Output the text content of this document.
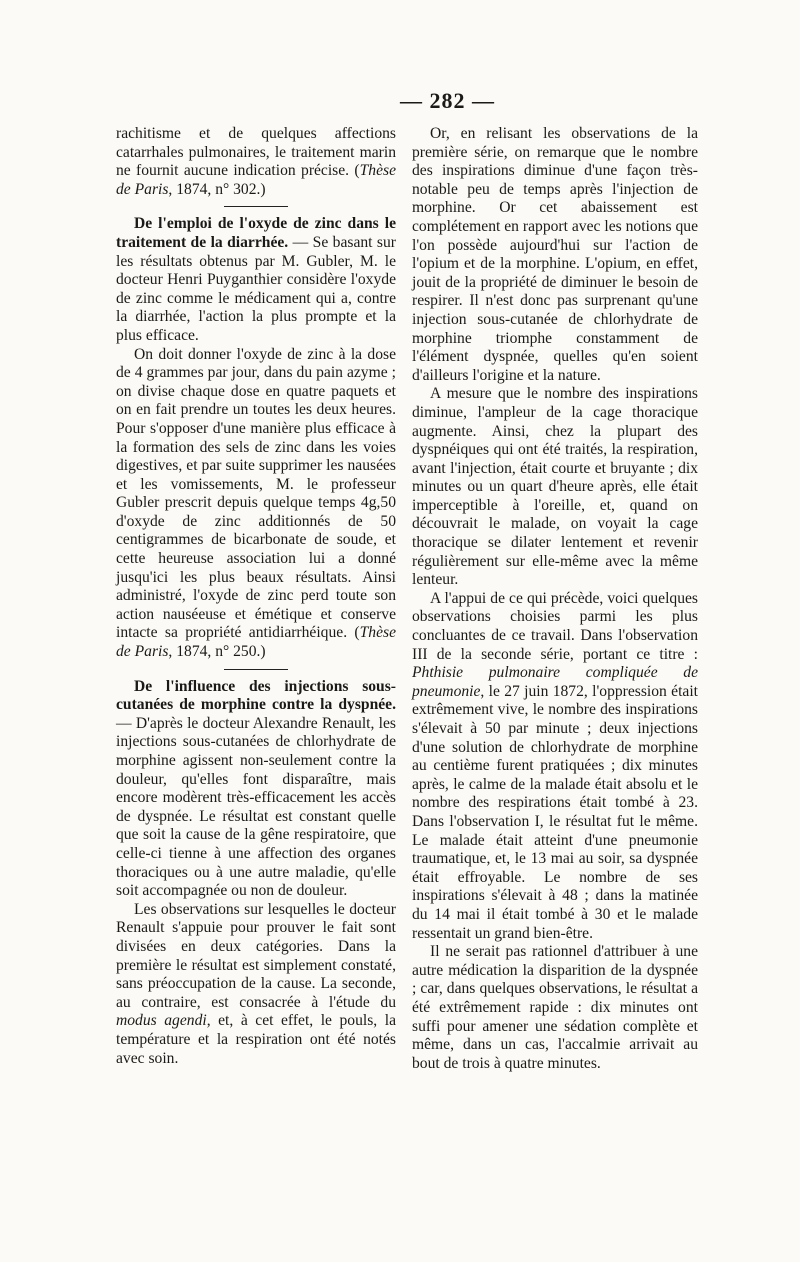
— 282 —

rachitisme et de quelques affections catarrhales pulmonaires, le traitement marin ne fournit aucune indication précise. (Thèse de Paris, 1874, n° 302.)

De l'emploi de l'oxyde de zinc dans le traitement de la diarrhée. — Se basant sur les résultats obtenus par M. Gubler, M. le docteur Henri Puyganthier considère l'oxyde de zinc comme le médicament qui a, contre la diarrhée, l'action la plus prompte et la plus efficace.

On doit donner l'oxyde de zinc à la dose de 4 grammes par jour, dans du pain azyme ; on divise chaque dose en quatre paquets et on en fait prendre un toutes les deux heures. Pour s'opposer d'une manière plus efficace à la formation des sels de zinc dans les voies digestives, et par suite supprimer les nausées et les vomissements, M. le professeur Gubler prescrit depuis quelque temps 4g,50 d'oxyde de zinc additionnés de 50 centigrammes de bicarbonate de soude, et cette heureuse association lui a donné jusqu'ici les plus beaux résultats. Ainsi administré, l'oxyde de zinc perd toute son action nauséeuse et émétique et conserve intacte sa propriété antidiarrhéique. (Thèse de Paris, 1874, n° 250.)

De l'influence des injections sous-cutanées de morphine contre la dyspnée. — D'après le docteur Alexandre Renault, les injections sous-cutanées de chlorhydrate de morphine agissent non-seulement contre la douleur, qu'elles font disparaître, mais encore modèrent très-efficacement les accès de dyspnée. Le résultat est constant quelle que soit la cause de la gêne respiratoire, que celle-ci tienne à une affection des organes thoraciques ou à une autre maladie, qu'elle soit accompagnée ou non de douleur.

Les observations sur lesquelles le docteur Renault s'appuie pour prouver le fait sont divisées en deux catégories. Dans la première le résultat est simplement constaté, sans préoccupation de la cause. La seconde, au contraire, est consacrée à l'étude du modus agendi, et, à cet effet, le pouls, la température et la respiration ont été notés avec soin.

Or, en relisant les observations de la première série, on remarque que le nombre des inspirations diminue d'une façon très-notable peu de temps après l'injection de morphine. Or cet abaissement est complétement en rapport avec les notions que l'on possède aujourd'hui sur l'action de l'opium et de la morphine. L'opium, en effet, jouit de la propriété de diminuer le besoin de respirer. Il n'est donc pas surprenant qu'une injection sous-cutanée de chlorhydrate de morphine triomphe constamment de l'élément dyspnée, quelles qu'en soient d'ailleurs l'origine et la nature.

A mesure que le nombre des inspirations diminue, l'ampleur de la cage thoracique augmente. Ainsi, chez la plupart des dyspnéiques qui ont été traités, la respiration, avant l'injection, était courte et bruyante ; dix minutes ou un quart d'heure après, elle était imperceptible à l'oreille, et, quand on découvrait le malade, on voyait la cage thoracique se dilater lentement et revenir régulièrement sur elle-même avec la même lenteur.

A l'appui de ce qui précède, voici quelques observations choisies parmi les plus concluantes de ce travail. Dans l'observation III de la seconde série, portant ce titre : Phthisie pulmonaire compliquée de pneumonie, le 27 juin 1872, l'oppression était extrêmement vive, le nombre des inspirations s'élevait à 50 par minute ; deux injections d'une solution de chlorhydrate de morphine au centième furent pratiquées ; dix minutes après, le calme de la malade était absolu et le nombre des respirations était tombé à 23. Dans l'observation I, le résultat fut le même. Le malade était atteint d'une pneumonie traumatique, et, le 13 mai au soir, sa dyspnée était effroyable. Le nombre de ses inspirations s'élevait à 48 ; dans la matinée du 14 mai il était tombé à 30 et le malade ressentait un grand bien-être.

Il ne serait pas rationnel d'attribuer à une autre médication la disparition de la dyspnée ; car, dans quelques observations, le résultat a été extrêmement rapide : dix minutes ont suffi pour amener une sédation complète et même, dans un cas, l'accalmie arrivait au bout de trois à quatre minutes.
